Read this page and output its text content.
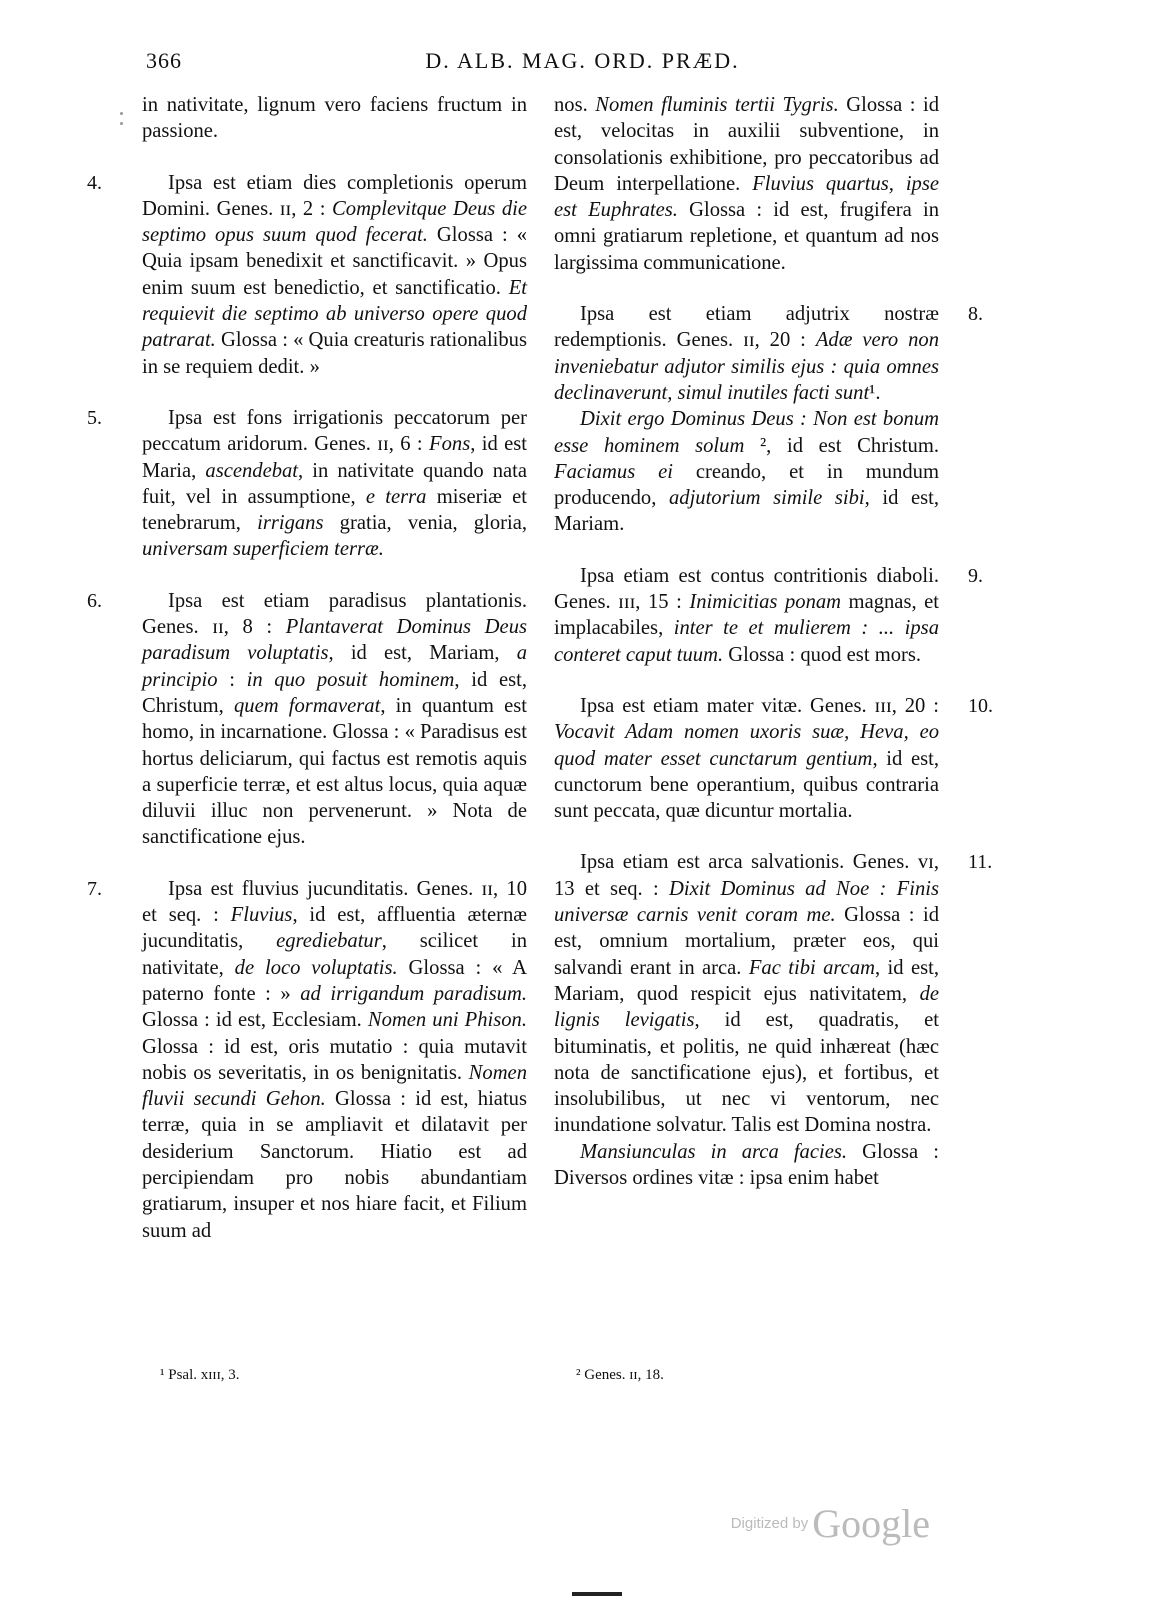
366	D. ALB. MAG. ORD. PRÆD.

in nativitate, lignum vero faciens fructum in passione.

4.	Ipsa est etiam dies completionis operum Domini. Genes. ɪɪ, 2 : Complevitque Deus die septimo opus suum quod fecerat. Glossa : « Quia ipsam benedixit et sanctificavit. » Opus enim suum est benedictio, et sanctificatio. Et requievit die septimo ab universo opere quod patrarat. Glossa : « Quia creaturis rationalibus in se requiem dedit. »

5.	Ipsa est fons irrigationis peccatorum per peccatum aridorum. Genes. ɪɪ, 6 : Fons, id est Maria, ascendebat, in nativitate quando nata fuit, vel in assumptione, e terra miseriæ et tenebrarum, irrigans gratia, venia, gloria, universam superficiem terræ.

6.	Ipsa est etiam paradisus plantationis. Genes. ɪɪ, 8 : Plantaverat Dominus Deus paradisum voluptatis, id est, Mariam, a principio : in quo posuit hominem, id est, Christum, quem formaverat, in quantum est homo, in incarnatione. Glossa : « Paradisus est hortus deliciarum, qui factus est remotis aquis a superficie terræ, et est altus locus, quia aquæ diluvii illuc non pervenerunt. » Nota de sanctificatione ejus.

7.	Ipsa est fluvius jucunditatis. Genes. ɪɪ, 10 et seq. : Fluvius, id est, affluentia æternæ jucunditatis, egrediebatur, scilicet in nativitate, de loco voluptatis. Glossa : « A paterno fonte : » ad irrigandum paradisum. Glossa : id est, Ecclesiam. Nomen uni Phison. Glossa : id est, oris mutatio : quia mutavit nobis os severitatis, in os benignitatis. Nomen fluvii secundi Gehon. Glossa : id est, hiatus terræ, quia in se ampliavit et dilatavit per desiderium Sanctorum. Hiatio est ad percipiendam pro nobis abundantiam gratiarum, insuper et nos hiare facit, et Filium suum ad

nos. Nomen fluminis tertii Tygris. Glossa : id est, velocitas in auxilii subventione, in consolationis exhibitione, pro peccatoribus ad Deum interpellatione. Fluvius quartus, ipse est Euphrates. Glossa : id est, frugifera in omni gratiarum repletione, et quantum ad nos largissima communicatione.

8.

Ipsa est etiam adjutrix nostræ redemptionis. Genes. ɪɪ, 20 : Adæ vero non inveniebatur adjutor similis ejus : quia omnes declinaverunt, simul inutiles facti sunt¹.

Dixit ergo Dominus Deus : Non est bonum esse hominem solum ², id est Christum. Faciamus ei creando, et in mundum producendo, adjutorium simile sibi, id est, Mariam.

9.

Ipsa etiam est contus contritionis diaboli. Genes. ɪɪɪ, 15 : Inimicitias ponam magnas, et implacabiles, inter te et mulierem : ... ipsa conteret caput tuum. Glossa : quod est mors.

10.

Ipsa est etiam mater vitæ. Genes. ɪɪɪ, 20 : Vocavit Adam nomen uxoris suæ, Heva, eo quod mater esset cunctarum gentium, id est, cunctorum bene operantium, quibus contraria sunt peccata, quæ dicuntur mortalia.

11.

Ipsa etiam est arca salvationis. Genes. vɪ, 13 et seq. : Dixit Dominus ad Noe : Finis universæ carnis venit coram me. Glossa : id est, omnium mortalium, præter eos, qui salvandi erant in arca. Fac tibi arcam, id est, Mariam, quod respicit ejus nativitatem, de lignis levigatis, id est, quadratis, et bituminatis, et politis, ne quid inhæreat (hæc nota de sanctificatione ejus), et fortibus, et insolubilibus, ut nec vi ventorum, nec inundatione solvatur. Talis est Domina nostra.

Mansiunculas in arca facies. Glossa : Diversos ordines vitæ : ipsa enim habet

¹ Psal. xɪɪɪ, 3.	² Genes. ɪɪ, 18.
Digitized by Google
